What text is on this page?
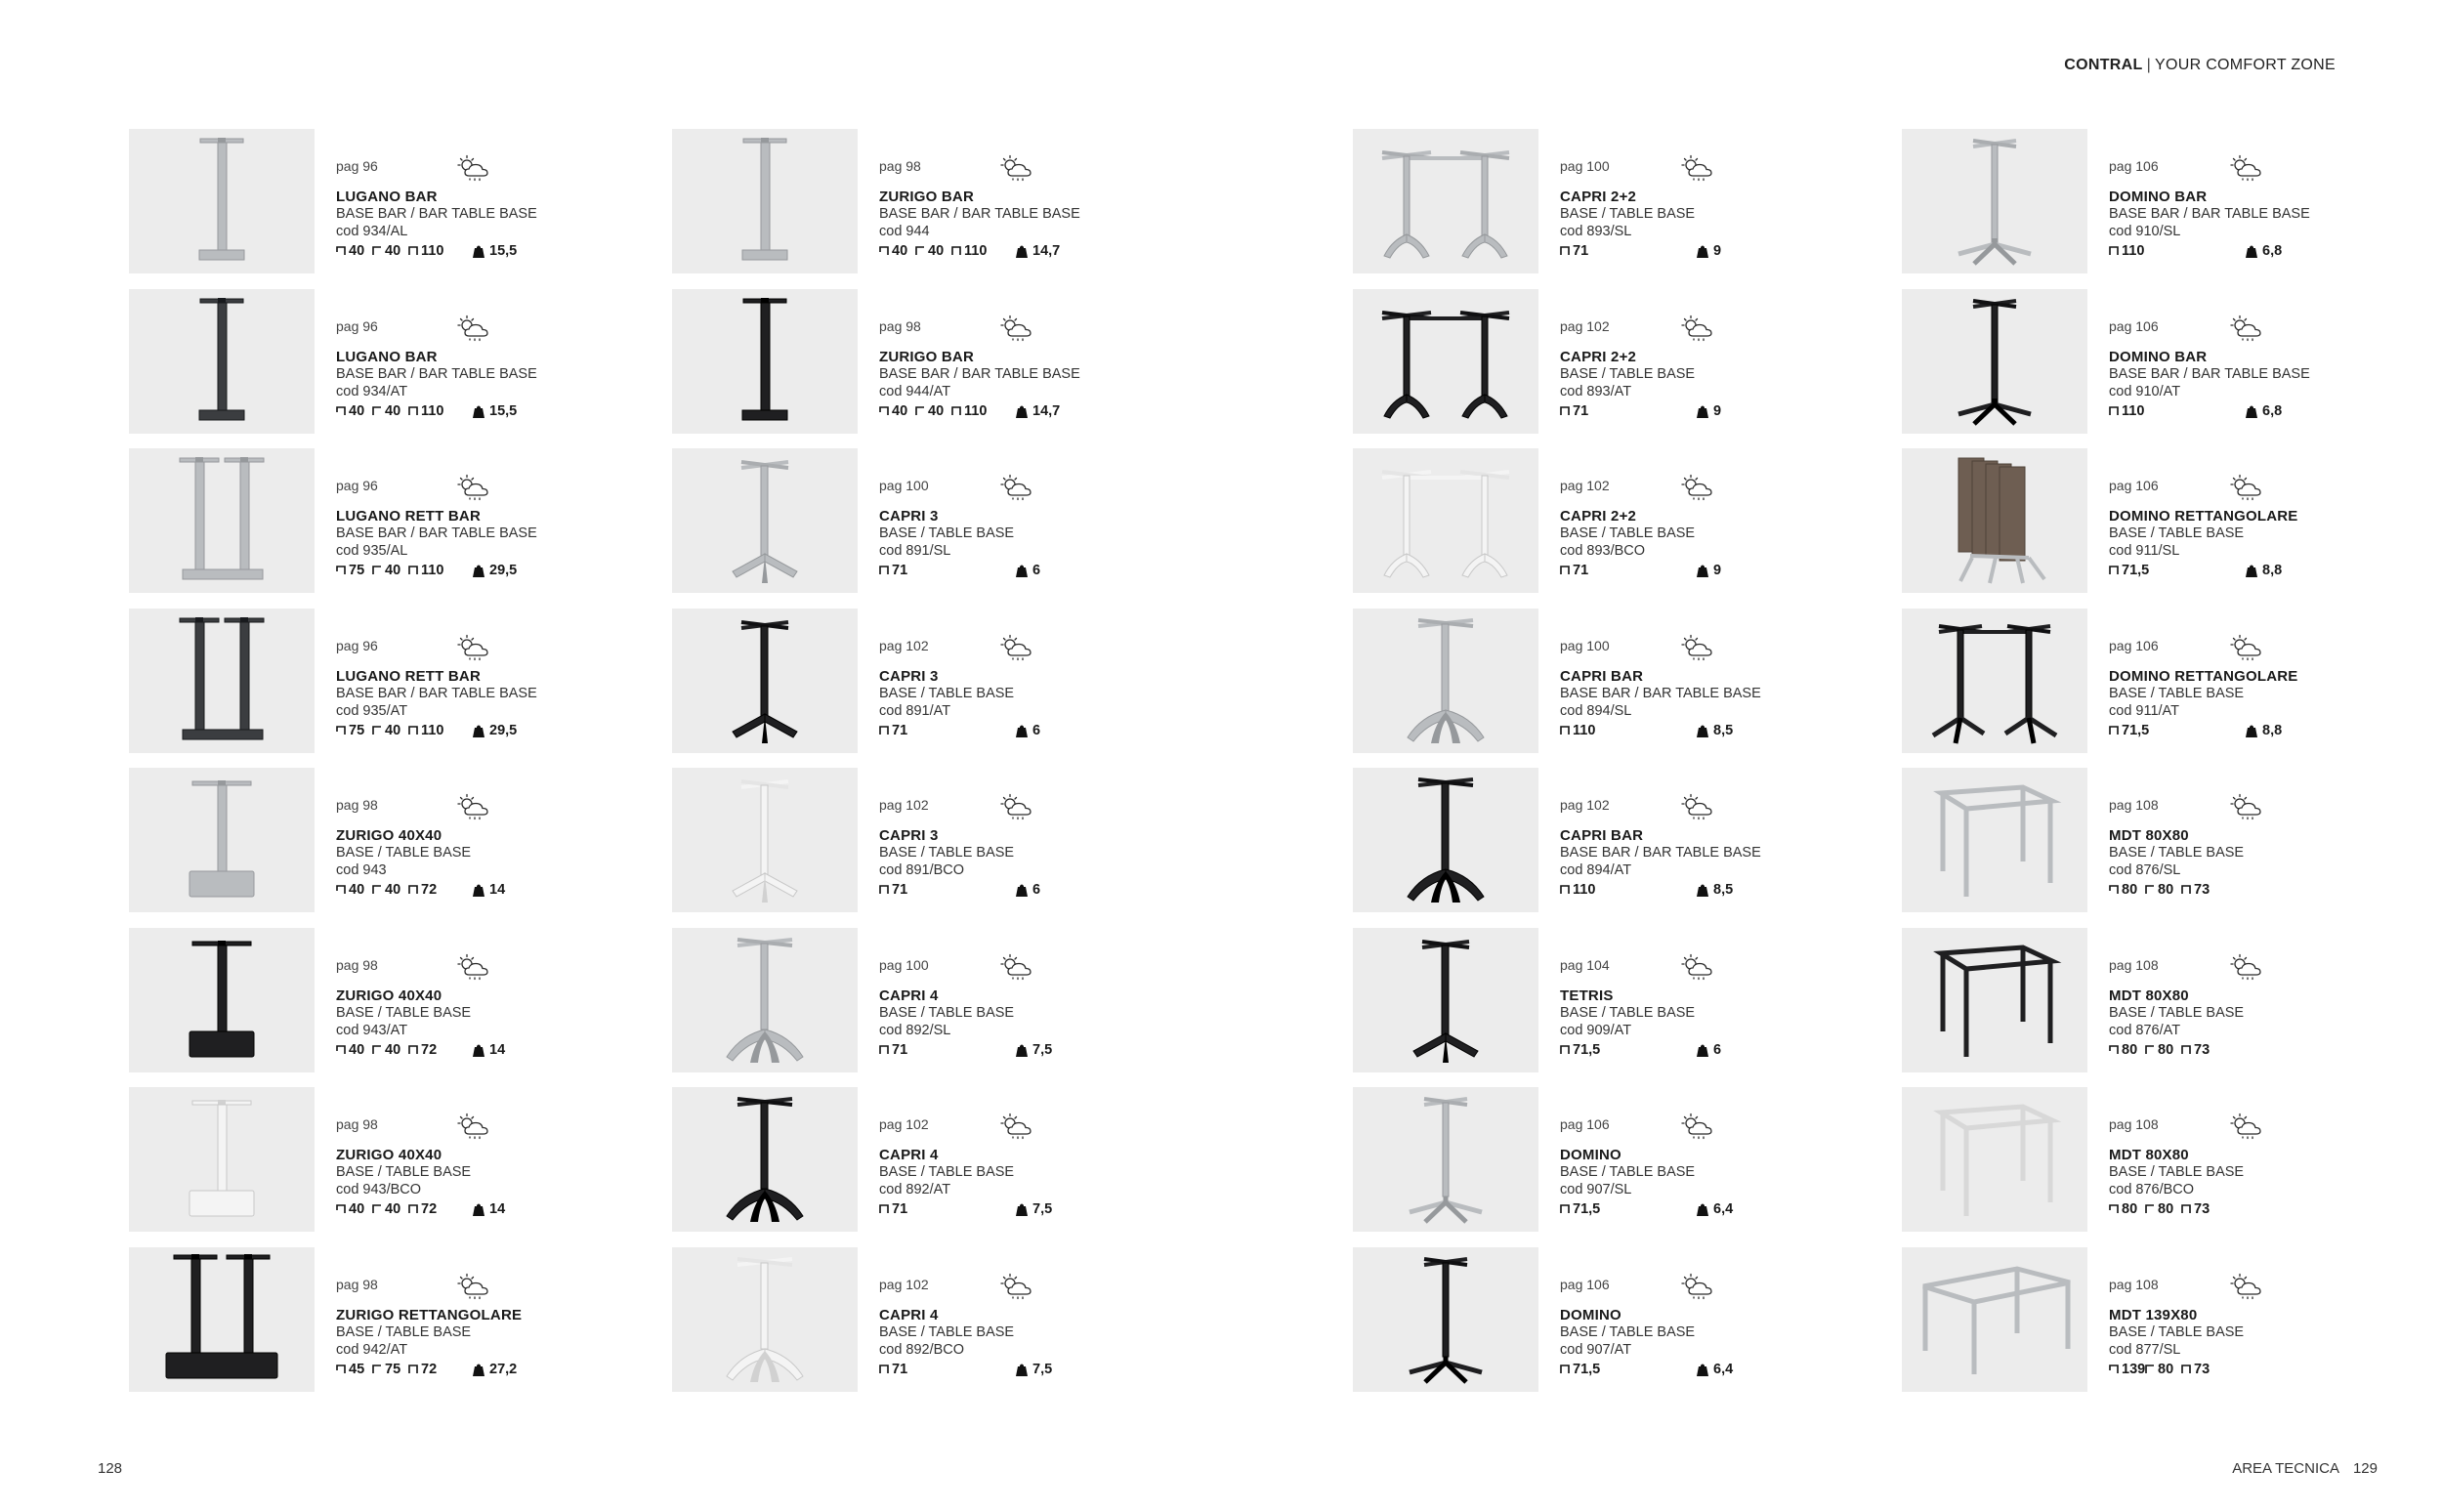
CONTRAL | YOUR COMFORT ZONE
pag 96
LUGANO BAR
BASE BAR / BAR TABLE BASE
cod 934/AL
40 40 110	15,5
pag 96
LUGANO BAR
BASE BAR / BAR TABLE BASE
cod 934/AT
40 40 110	15,5
pag 96
LUGANO RETT BAR
BASE BAR / BAR TABLE BASE
cod 935/AL
75 40 110	29,5
pag 96
LUGANO RETT BAR
BASE BAR / BAR TABLE BASE
cod 935/AT
75 40 110	29,5
pag 98
ZURIGO 40X40
BASE / TABLE BASE
cod 943
40 40 72	14
pag 98
ZURIGO 40X40
BASE / TABLE BASE
cod 943/AT
40 40 72	14
pag 98
ZURIGO 40X40
BASE / TABLE BASE
cod 943/BCO
40 40 72	14
pag 98
ZURIGO RETTANGOLARE
BASE / TABLE BASE
cod 942/AT
45 75 72	27,2
pag 98
ZURIGO BAR
BASE BAR / BAR TABLE BASE
cod 944
40 40 110	14,7
pag 98
ZURIGO BAR
BASE BAR / BAR TABLE BASE
cod 944/AT
40 40 110	14,7
pag 100
CAPRI 3
BASE / TABLE BASE
cod 891/SL
71	6
pag 102
CAPRI 3
BASE / TABLE BASE
cod 891/AT
71	6
pag 102
CAPRI 3
BASE / TABLE BASE
cod 891/BCO
71	6
pag 100
CAPRI 4
BASE / TABLE BASE
cod 892/SL
71	7,5
pag 102
CAPRI 4
BASE / TABLE BASE
cod 892/AT
71	7,5
pag 102
CAPRI 4
BASE / TABLE BASE
cod 892/BCO
71	7,5
pag 100
CAPRI 2+2
BASE / TABLE BASE
cod 893/SL
71	9
pag 102
CAPRI 2+2
BASE / TABLE BASE
cod 893/AT
71	9
pag 102
CAPRI 2+2
BASE / TABLE BASE
cod 893/BCO
71	9
pag 100
CAPRI BAR
BASE BAR / BAR TABLE BASE
cod 894/SL
110	8,5
pag 102
CAPRI BAR
BASE BAR / BAR TABLE BASE
cod 894/AT
110	8,5
pag 104
TETRIS
BASE / TABLE BASE
cod 909/AT
71,5	6
pag 106
DOMINO
BASE / TABLE BASE
cod 907/SL
71,5	6,4
pag 106
DOMINO
BASE / TABLE BASE
cod 907/AT
71,5	6,4
pag 106
DOMINO BAR
BASE BAR / BAR TABLE BASE
cod 910/SL
110	6,8
pag 106
DOMINO BAR
BASE BAR / BAR TABLE BASE
cod 910/AT
110	6,8
pag 106
DOMINO RETTANGOLARE
BASE / TABLE BASE
cod 911/SL
71,5	8,8
pag 106
DOMINO RETTANGOLARE
BASE / TABLE BASE
cod 911/AT
71,5	8,8
pag 108
MDT 80X80
BASE / TABLE BASE
cod 876/SL
80 80 73
pag 108
MDT 80X80
BASE / TABLE BASE
cod 876/AT
80 80 73
pag 108
MDT 80X80
BASE / TABLE BASE
cod 876/BCO
80 80 73
pag 108
MDT 139X80
BASE / TABLE BASE
cod 877/SL
139 80 73
128	AREA TECNICA 129
